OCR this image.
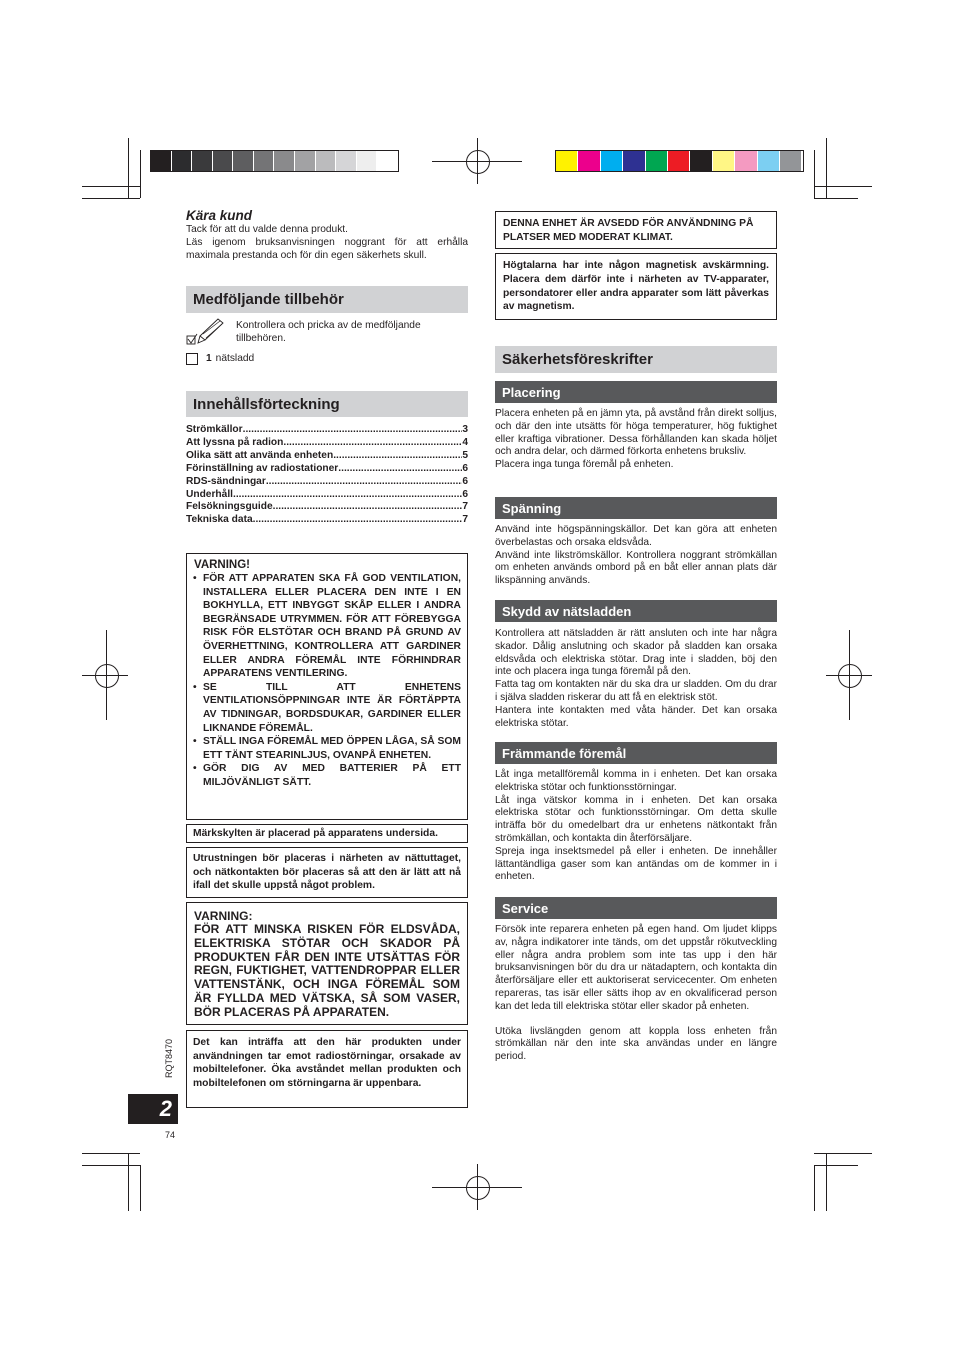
Kära kund

Tack för att du valde denna produkt.

Läs igenom bruksanvisningen noggrant för att erhålla maximala prestanda och för din egen säkerhets skull.

Medföljande tillbehör

Kontrollera och pricka av de medföljande tillbehören.

1 nätsladd
Innehållsförteckning
Strömkällor .....	3
Att lyssna på radion .....	4
Olika sätt att använda enheten .....	5
Förinställning av radiostationer .....	6
RDS-sändningar .....	6
Underhåll .....	6
Felsökningsguide .....	7
Tekniska data .....	7
VARNING!
• FÖR ATT APPARATEN SKA FÅ GOD VENTILATION, INSTALLERA ELLER PLACERA DEN INTE I EN BOKHYLLA, ETT INBYGGT SKÅP ELLER I ANDRA BEGRÄNSADE UTRYMMEN. FÖR ATT FÖREBYGGA RISK FÖR ELSTÖTAR OCH BRAND PÅ GRUND AV ÖVERHETTNING, KONTROLLERA ATT GARDINER ELLER ANDRA FÖREMÅL INTE FÖRHINDRAR APPARATENS VENTILERING.
• SE TILL ATT ENHETENS VENTILATIONSÖPPNINGAR INTE ÄR FÖRTÄPPTA AV TIDNINGAR, BORDSDUKAR, GARDINER ELLER LIKNANDE FÖREMÅL.
• STÄLL INGA FÖREMÅL MED ÖPPEN LÅGA, SÅ SOM ETT TÄNT STEARINLJUS, OVANPÅ ENHETEN.
• GÖR DIG AV MED BATTERIER PÅ ETT MILJÖVÄNLIGT SÄTT.

Märkskylten är placerad på apparatens undersida.

Utrustningen bör placeras i närheten av nättuttaget, och nätkontakten bör placeras så att den är lätt att nå ifall det skulle uppstå något problem.

VARNING:

FÖR ATT MINSKA RISKEN FÖR ELDSVÅDA, ELEKTRISKA STÖTAR OCH SKADOR PÅ PRODUKTEN FÅR DEN INTE UTSÄTTAS FÖR REGN, FUKTIGHET, VATTENDROPPAR ELLER VATTENSTÄNK, OCH INGA FÖREMÅL SOM ÄR FYLLDA MED VÄTSKA, SÅ SOM VASER, BÖR PLACERAS PÅ APPARATEN.

Det kan inträffa att den här produkten under användningen tar emot radiostörningar, orsakade av mobiltelefoner. Öka avståndet mellan produkten och mobiltelefonen om störningarna är uppenbara.

RQT8470
2
74

DENNA ENHET ÄR AVSEDD FÖR ANVÄNDNING PÅ PLATSER MED MODERAT KLIMAT.

Högtalarna har inte någon magnetisk avskärmning. Placera dem därför inte i närheten av TV-apparater, persondatorer eller andra apparater som lätt påverkas av magnetism.

Säkerhetsföreskrifter
Placering

Placera enheten på en jämn yta, på avstånd från direkt solljus, och där den inte utsätts för höga temperaturer, hög fuktighet eller kraftiga vibrationer. Dessa förhållanden kan skada höljet och andra delar, och därmed förkorta enhetens bruksliv.

Placera inga tunga föremål på enheten.

Spänning

Använd inte högspänningskällor. Det kan göra att enheten överbelastas och orsaka eldsvåda.

Använd inte likströmskällor. Kontrollera noggrant strömkällan om enheten används ombord på en båt eller annan plats där likspänning används.

Skydd av nätsladden

Kontrollera att nätsladden är rätt ansluten och inte har några skador. Dålig anslutning och skador på sladden kan orsaka eldsvåda och elektriska stötar. Drag inte i sladden, böj den inte och placera inga tunga föremål på den.

Fatta tag om kontakten när du ska dra ur sladden. Om du drar i själva sladden riskerar du att få en elektrisk stöt.

Hantera inte kontakten med våta händer. Det kan orsaka elektriska stötar.

Främmande föremål

Låt inga metallföremål komma in i enheten. Det kan orsaka elektriska stötar och funktionsstörningar.

Låt inga vätskor komma in i enheten. Det kan orsaka elektriska stötar och funktionsstörningar. Om detta skulle inträffa bör du omedelbart dra ur enhetens nätkontakt från strömkällan, och kontakta din återförsäljare.

Spreja inga insektsmedel på eller i enheten. De innehåller lättantändliga gaser som kan antändas om de kommer in i enheten.

Service

Försök inte reparera enheten på egen hand. Om ljudet klipps av, några indikatorer inte tänds, om det uppstår rökutveckling eller några andra problem som inte tas upp i den här bruksanvisningen bör du dra ur nätadaptern, och kontakta din återförsäljare eller ett auktoriserat servicecenter. Om enheten repareras, tas isär eller sätts ihop av en okvalificerad person kan det leda till elektriska stötar eller skador på enheten.

Utöka livslängden genom att koppla loss enheten från strömkällan när den inte ska användas under en längre period.
